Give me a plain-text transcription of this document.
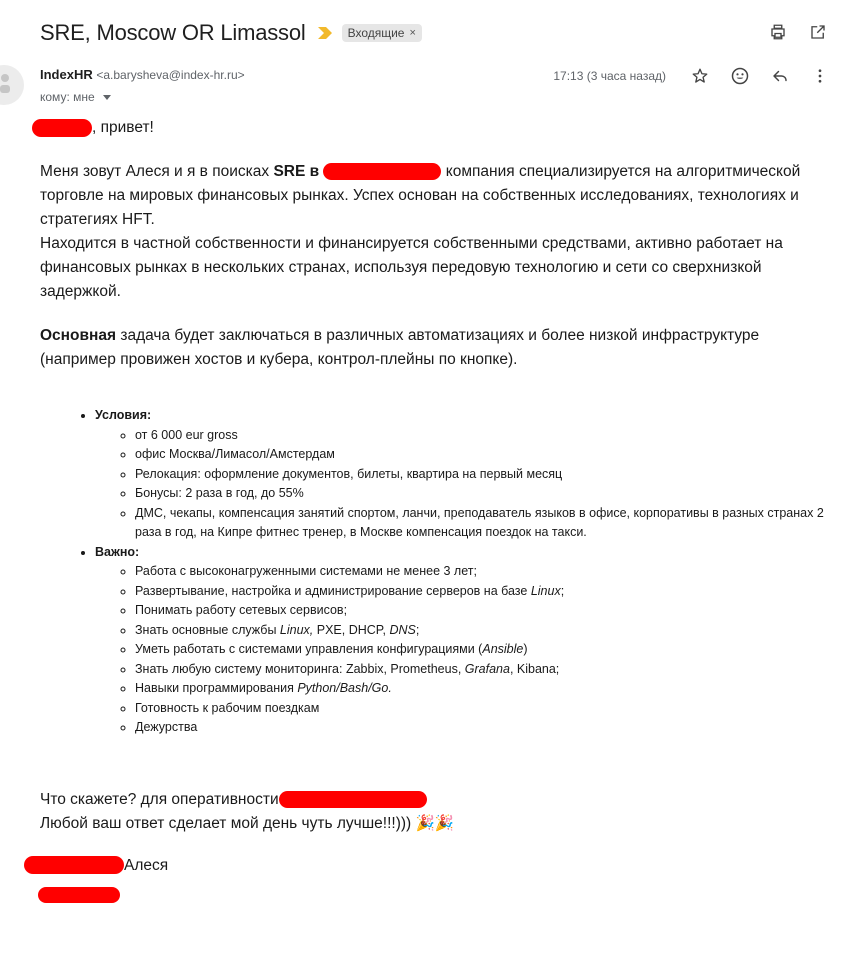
SRE, Moscow OR Limassol	Входящие ×
IndexHR <a.barysheva@index-hr.ru>
кому: мне
17:13 (3 часа назад)

, привет!

Меня зовут Алеся и я в поисках SRE в	компания специализируется на алгоритмической торговле на мировых финансовых рынках. Успех основан на собственных исследованиях, технологиях и стратегиях HFT.

Находится в частной собственности и финансируется собственными средствами, активно работает на финансовых рынках в нескольких странах, используя передовую технологию и сети со сверхнизкой задержкой.

Основная задача будет заключаться в различных автоматизациях и более низкой инфраструктуре (например провижен хостов и кубера, контрол-плейны по кнопке).

• Условия:
◦ от 6 000 eur gross
◦ офис Москва/Лимасол/Амстердам
◦ Релокация: оформление документов, билеты, квартира на первый месяц
◦ Бонусы: 2 раза в год, до 55%
◦ ДМС, чекапы, компенсация занятий спортом, ланчи, преподаватель языков в офисе, корпоративы в разных странах 2 раза в год, на Кипре фитнес тренер, в Москве компенсация поездок на такси.
• Важно:
◦ Работа с высоконагруженными системами не менее 3 лет;
◦ Развертывание, настройка и администрирование серверов на базе Linux;
◦ Понимать работу сетевых сервисов;
◦ Знать основные службы Linux, PXE, DHCP, DNS;
◦ Уметь работать с системами управления конфигурациями (Ansible)
◦ Знать любую систему мониторинга: Zabbix, Prometheus, Grafana, Kibana;
◦ Навыки программирования Python/Bash/Go.
◦ Готовность к рабочим поездкам
◦ Дежурства

Что скажете? для оперативности

Любой ваш ответ сделает мой день чуть лучше!!!))) 🎉🎉

Алеся
